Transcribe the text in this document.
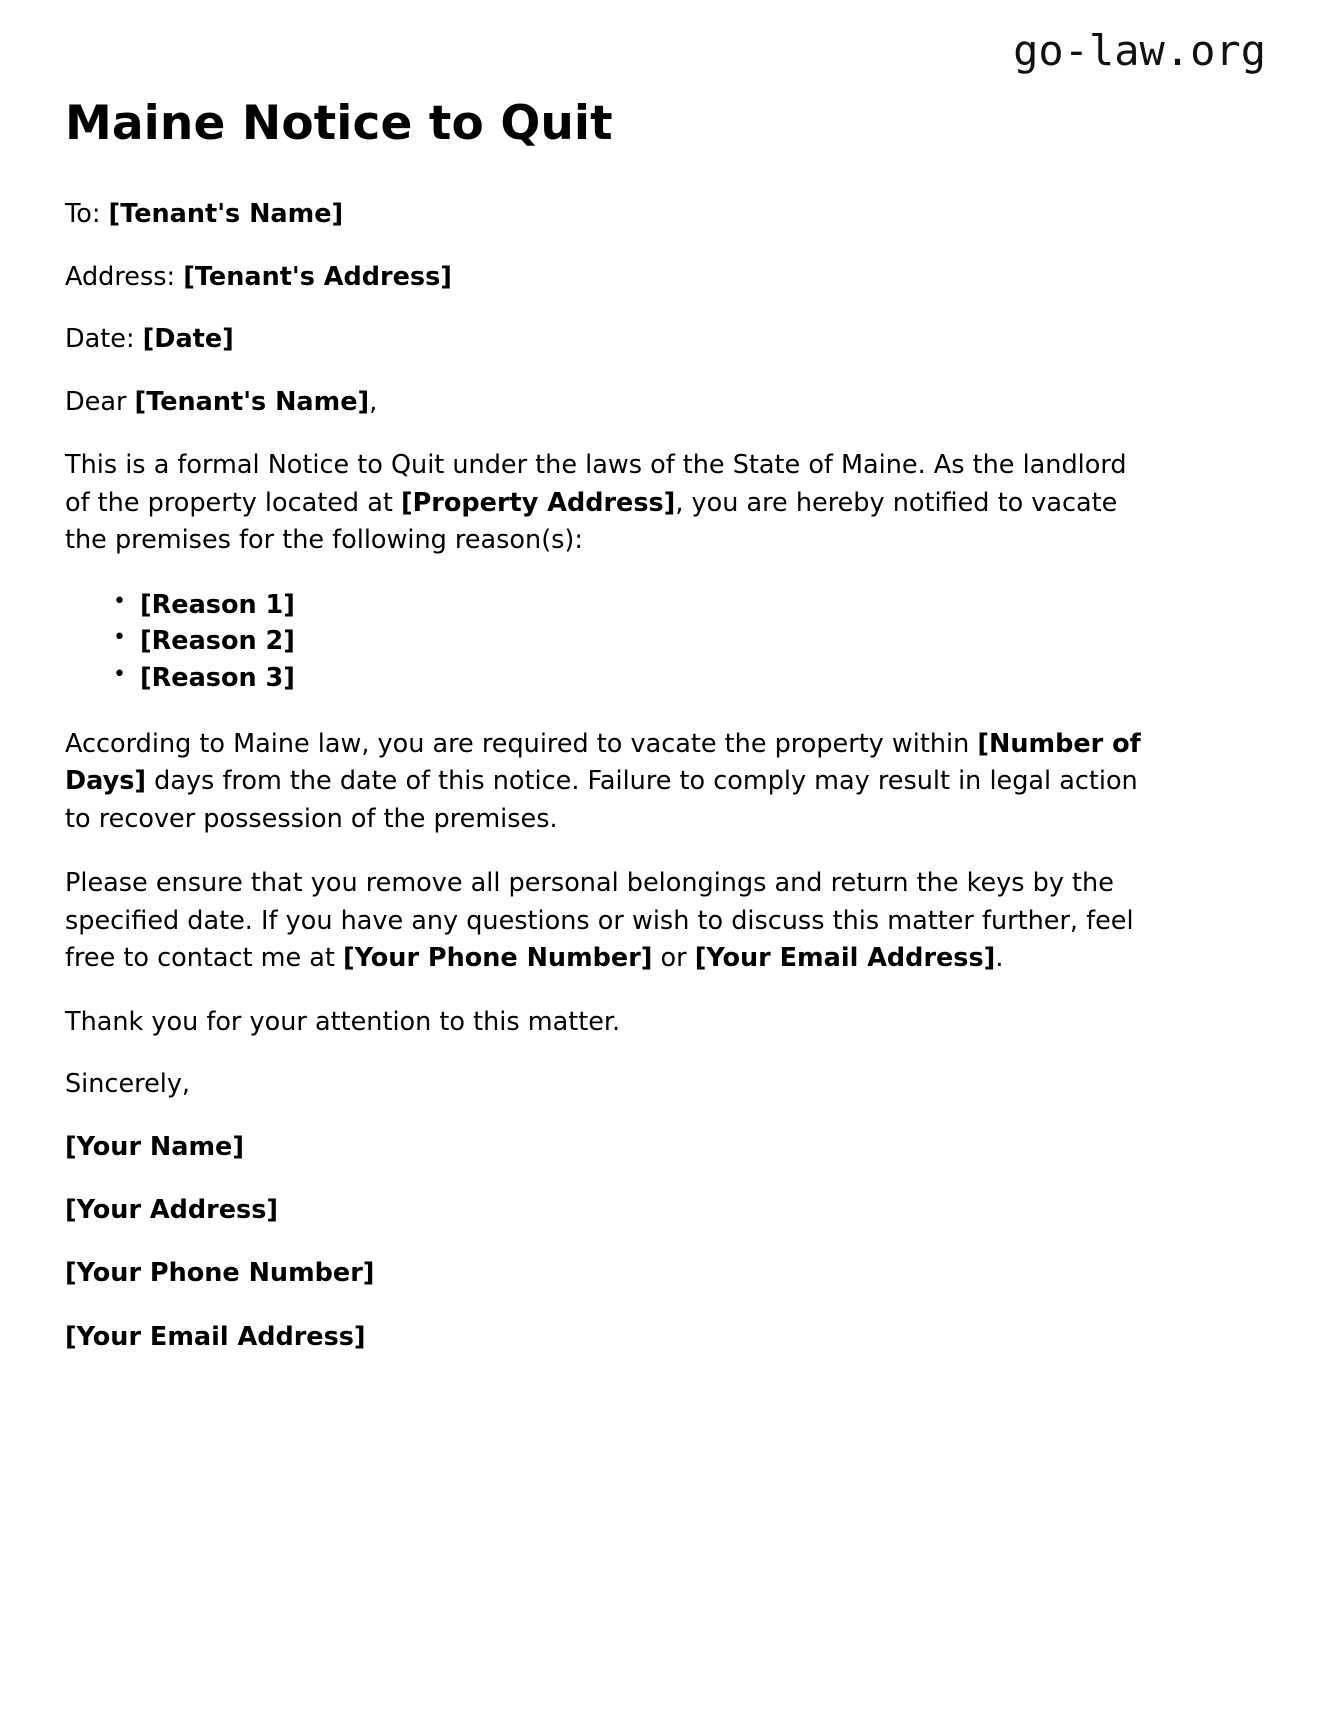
go-law.org
Maine Notice to Quit

To: [Tenant's Name]

Address: [Tenant's Address]

Date: [Date]

Dear [Tenant's Name],

This is a formal Notice to Quit under the laws of the State of Maine. As the landlord of the property located at [Property Address], you are hereby notified to vacate the premises for the following reason(s):

• [Reason 1]
• [Reason 2]
• [Reason 3]

According to Maine law, you are required to vacate the property within [Number of Days] days from the date of this notice. Failure to comply may result in legal action to recover possession of the premises.

Please ensure that you remove all personal belongings and return the keys by the specified date. If you have any questions or wish to discuss this matter further, feel free to contact me at [Your Phone Number] or [Your Email Address].

Thank you for your attention to this matter.

Sincerely,

[Your Name]

[Your Address]

[Your Phone Number]

[Your Email Address]
